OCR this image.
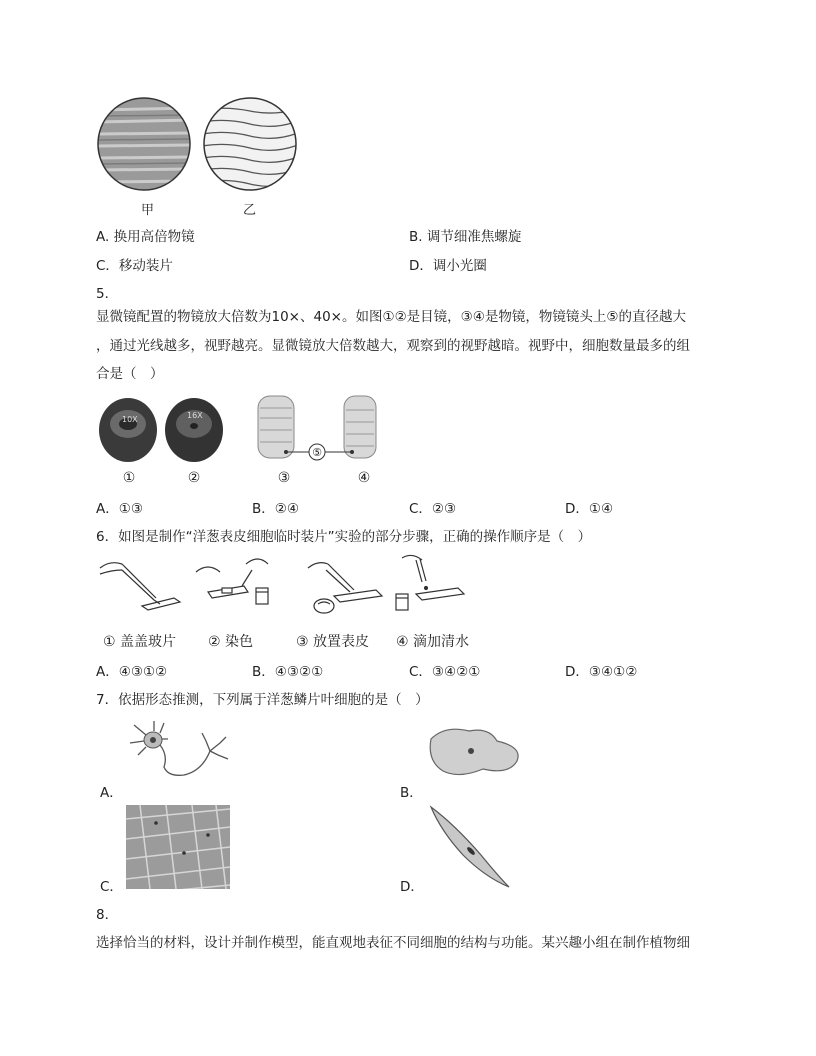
甲	乙
A. 换用高倍物镜	B. 调节细准焦螺旋
C．移动装片	D．调小光圈
5．
显微镜配置的物镜放大倍数为10×、40×。如图①②是目镜，③④是物镜，物镜镜头上⑤的直径越大
，通过光线越多，视野越亮。显微镜放大倍数越大，观察到的视野越暗。视野中，细胞数量最多的组
合是（　）
10X	16X
⑤
①	②	③	④
A．①③	B．②④	C．②③	D．①④
6．如图是制作“洋葱表皮细胞临时装片”实验的部分步骤，正确的操作顺序是（　）
① 盖盖玻片 ② 染色	③ 放置表皮 ④ 滴加清水
A．④③①②	B．④③②①	C．③④②①	D．③④①②
7．依据形态推测，下列属于洋葱鳞片叶细胞的是（　）
A．	B．
C．	D．
8．
选择恰当的材料，设计并制作模型，能直观地表征不同细胞的结构与功能。某兴趣小组在制作植物细
